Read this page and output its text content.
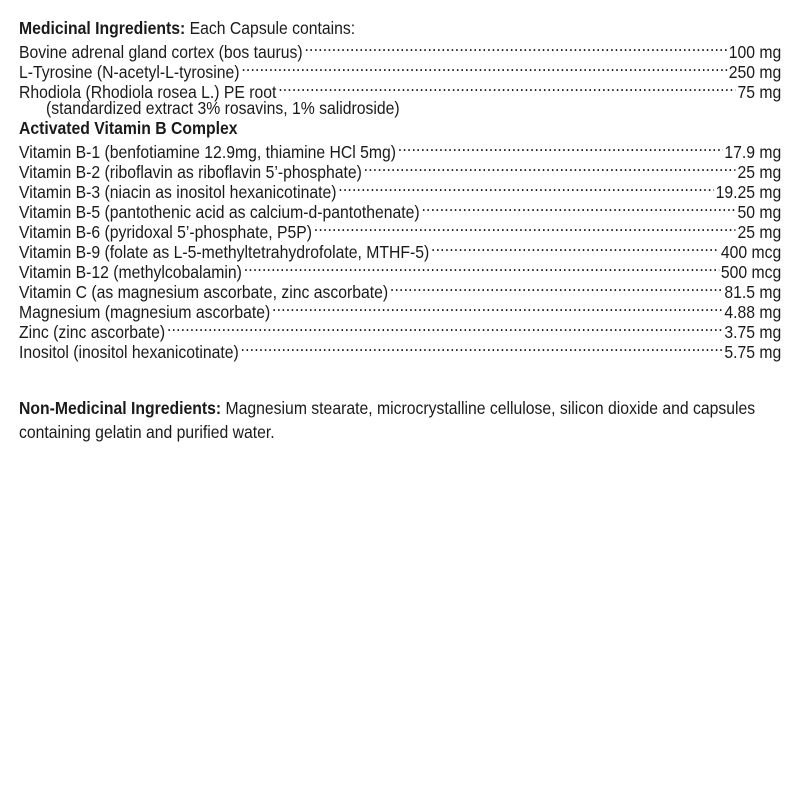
Medicinal Ingredients: Each Capsule contains:
Bovine adrenal gland cortex (bos taurus) .....	100 mg
L-Tyrosine (N-acetyl-L-tyrosine) .....	250 mg
Rhodiola (Rhodiola rosea L.) PE root .....	75 mg
(standardized extract 3% rosavins, 1% salidroside)
Activated Vitamin B Complex
Vitamin B-1 (benfotiamine 12.9mg, thiamine HCl 5mg) .....	17.9 mg
Vitamin B-2 (riboflavin as riboflavin 5’-phosphate) .....	25 mg
Vitamin B-3 (niacin as inositol hexanicotinate) .....	19.25 mg
Vitamin B-5 (pantothenic acid as calcium-d-pantothenate) .....	50 mg
Vitamin B-6 (pyridoxal 5’-phosphate, P5P) .....	25 mg
Vitamin B-9 (folate as L-5-methyltetrahydrofolate, MTHF-5) .....	400 mcg
Vitamin B-12 (methylcobalamin) .....	500 mcg
Vitamin C (as magnesium ascorbate, zinc ascorbate) .....	81.5 mg
Magnesium (magnesium ascorbate) .....	4.88 mg
Zinc (zinc ascorbate) .....	3.75 mg
Inositol (inositol hexanicotinate) .....	5.75 mg
Non-Medicinal Ingredients: Magnesium stearate, microcrystalline cellulose, silicon dioxide and capsules containing gelatin and purified water.
